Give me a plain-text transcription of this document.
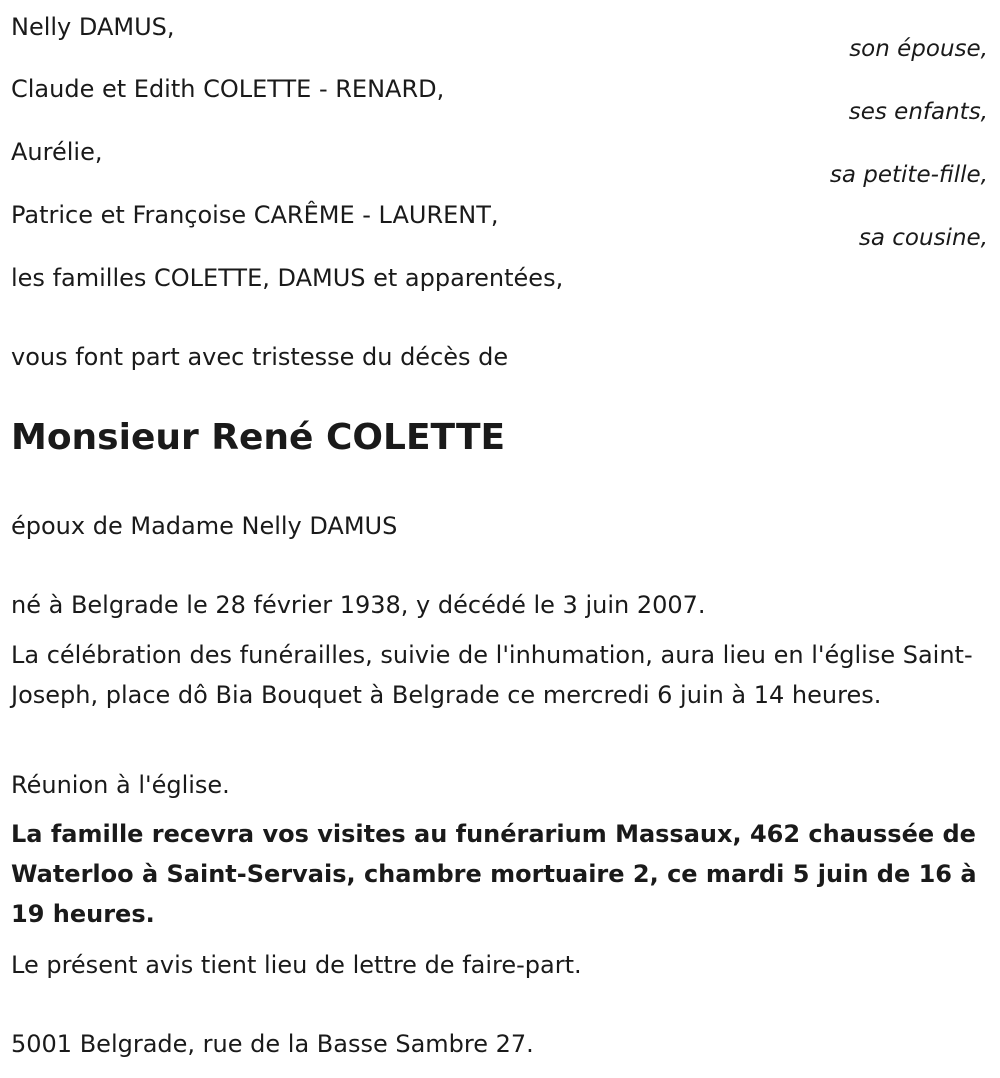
Nelly DAMUS,
son épouse,
Claude et Edith COLETTE - RENARD,
ses enfants,
Aurélie,
sa petite-fille,
Patrice et Françoise CARÊME - LAURENT,
sa cousine,
les familles COLETTE, DAMUS et apparentées,
vous font part avec tristesse du décès de
Monsieur René COLETTE
époux de Madame Nelly DAMUS
né à Belgrade le 28 février 1938, y décédé le 3 juin 2007.
La célébration des funérailles, suivie de l'inhumation, aura lieu en l'église Saint-Joseph, place dô Bia Bouquet à Belgrade ce mercredi 6 juin à 14 heures.
Réunion à l'église.
La famille recevra vos visites au funérarium Massaux, 462 chaussée de Waterloo à Saint-Servais, chambre mortuaire 2, ce mardi 5 juin de 16 à 19 heures.
Le présent avis tient lieu de lettre de faire-part.
5001 Belgrade, rue de la Basse Sambre 27.
